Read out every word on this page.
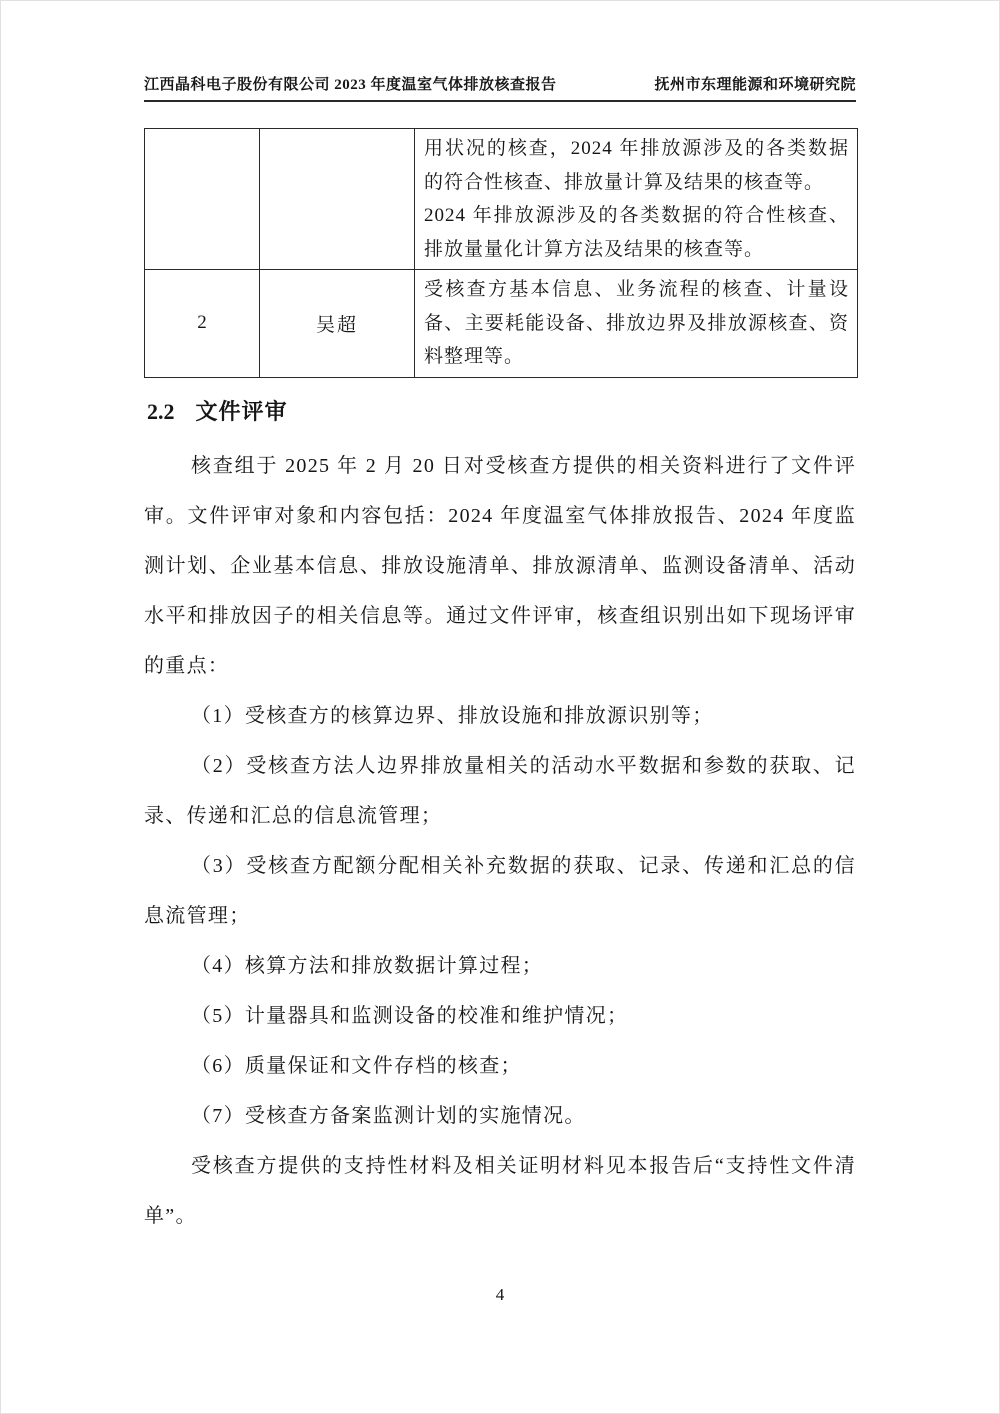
江西晶科电子股份有限公司 2023 年度温室气体排放核查报告	抚州市东理能源和环境研究院

		用状况的核查，2024 年排放源涉及的各类数据的符合性核查、排放量计算及结果的核查等。
2024 年排放源涉及的各类数据的符合性核查、排放量量化计算方法及结果的核查等。

2	吴超	受核查方基本信息、业务流程的核查、计量设备、主要耗能设备、排放边界及排放源核查、资料整理等。
2.2 文件评审

核查组于 2025 年 2 月 20 日对受核查方提供的相关资料进行了文件评审。文件评审对象和内容包括：2024 年度温室气体排放报告、2024 年度监测计划、企业基本信息、排放设施清单、排放源清单、监测设备清单、活动水平和排放因子的相关信息等。通过文件评审，核查组识别出如下现场评审的重点：

（1）受核查方的核算边界、排放设施和排放源识别等；

（2）受核查方法人边界排放量相关的活动水平数据和参数的获取、记录、传递和汇总的信息流管理；

（3）受核查方配额分配相关补充数据的获取、记录、传递和汇总的信息流管理；

（4）核算方法和排放数据计算过程；

（5）计量器具和监测设备的校准和维护情况；

（6）质量保证和文件存档的核查；

（7）受核查方备案监测计划的实施情况。

受核查方提供的支持性材料及相关证明材料见本报告后“支持性文件清单”。

4
